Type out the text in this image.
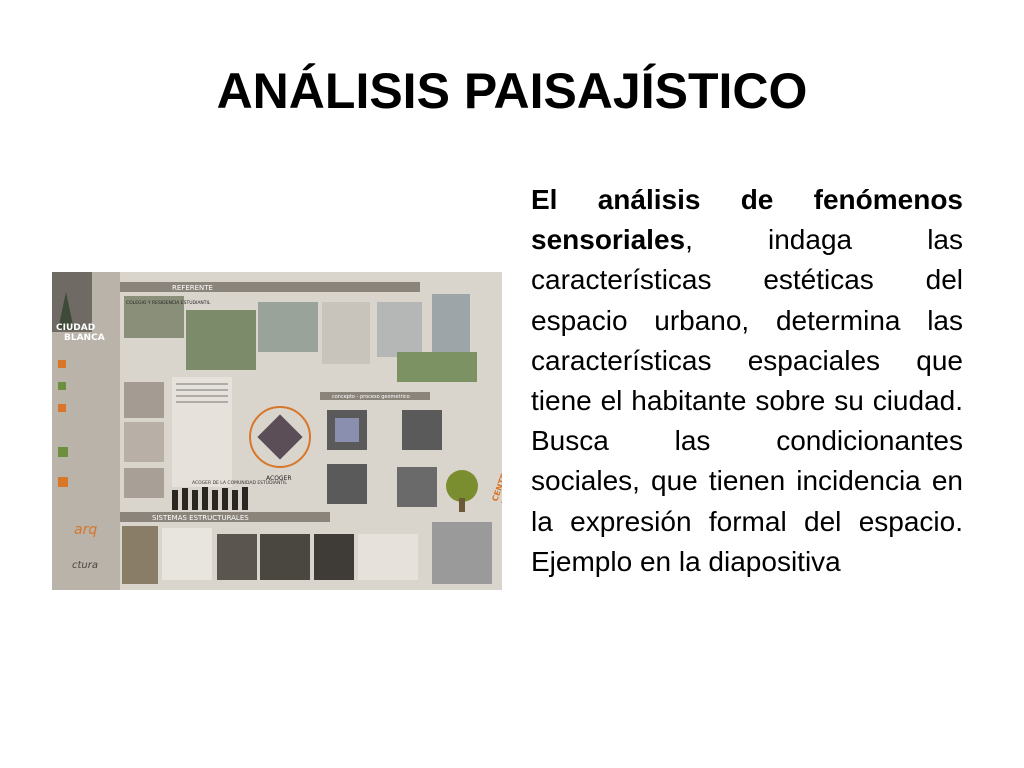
ANÁLISIS PAISAJÍSTICO

El análisis de fenómenos sensoriales, indaga las características estéticas del espacio urbano, determina las características espaciales que tiene el habitante sobre su ciudad. Busca las condicionantes sociales, que tienen incidencia en la expresión formal del espacio. Ejemplo en la diapositiva

CIUDAD
BLANCA
arq
ctura
REFERENTE
COLEGIO Y RESIDENCIA ESTUDIANTIL
ACOGER
ACOGER DE LA COMUNIDAD ESTUDIANTIL
concepto - proceso geometrico
SISTEMAS ESTRUCTURALES
